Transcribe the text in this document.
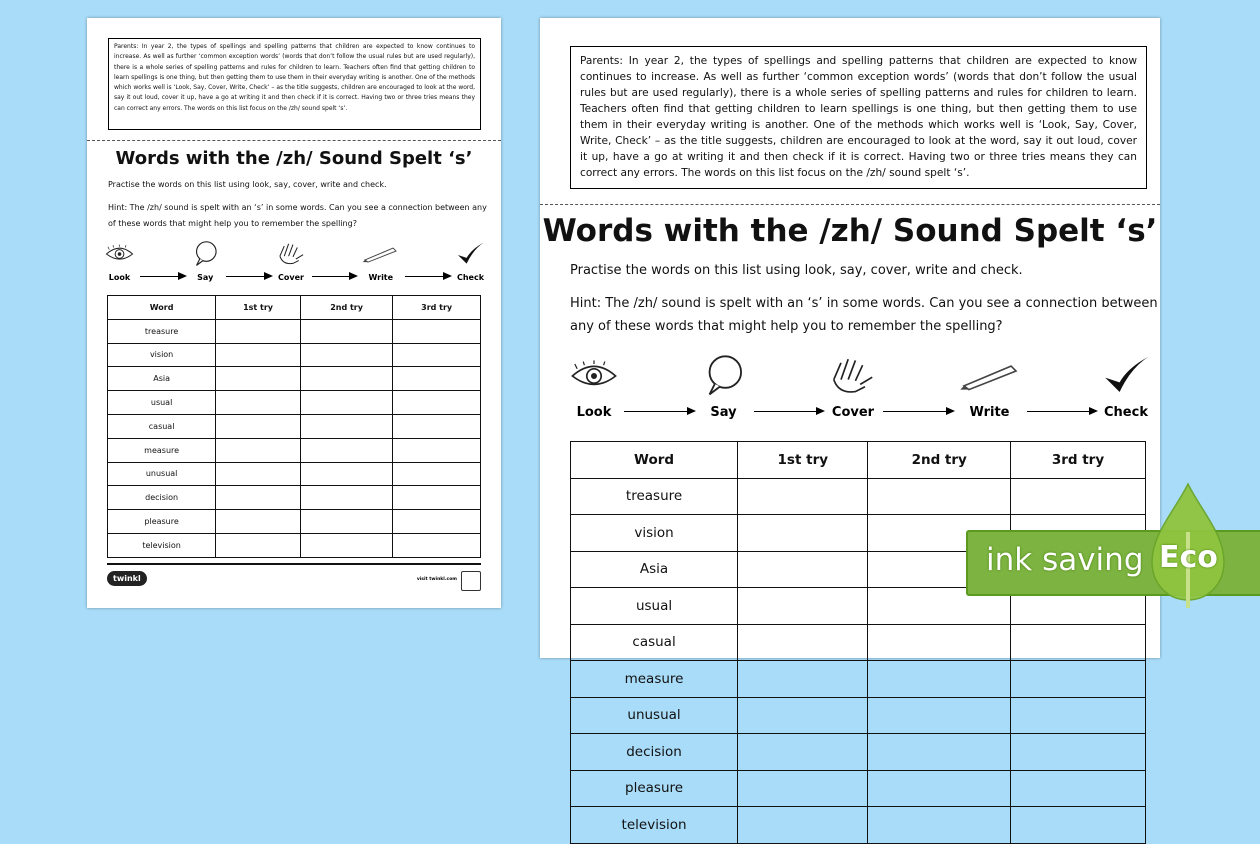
Parents: In year 2, the types of spellings and spelling patterns that children are expected to know continues to increase. As well as further ‘common exception words’ (words that don’t follow the usual rules but are used regularly), there is a whole series of spelling patterns and rules for children to learn. Teachers often find that getting children to learn spellings is one thing, but then getting them to use them in their everyday writing is another. One of the methods which works well is ‘Look, Say, Cover, Write, Check’ – as the title suggests, children are encouraged to look at the word, say it out loud, cover it up, have a go at writing it and then check if it is correct. Having two or three tries means they can correct any errors. The words on this list focus on the /zh/ sound spelt ‘s’.
Words with the /zh/ Sound Spelt ‘s’
Practise the words on this list using look, say, cover, write and check.
Hint: The /zh/ sound is spelt with an ‘s’ in some words. Can you see a connection between any of these words that might help you to remember the spelling?
Look	Say	Cover	Write	Check
Word	1st try	2nd try	3rd try
treasure			
vision			
Asia			
usual			
casual			
measure			
unusual			
decision			
pleasure			
television			
twinkl	visit twinkl.com
Parents: In year 2, the types of spellings and spelling patterns that children are expected to know continues to increase. As well as further ‘common exception words’ (words that don’t follow the usual rules but are used regularly), there is a whole series of spelling patterns and rules for children to learn. Teachers often find that getting children to learn spellings is one thing, but then getting them to use them in their everyday writing is another. One of the methods which works well is ‘Look, Say, Cover, Write, Check’ – as the title suggests, children are encouraged to look at the word, say it out loud, cover it up, have a go at writing it and then check if it is correct. Having two or three tries means they can correct any errors. The words on this list focus on the /zh/ sound spelt ‘s’.
Words with the /zh/ Sound Spelt ‘s’
Practise the words on this list using look, say, cover, write and check.
Hint: The /zh/ sound is spelt with an ‘s’ in some words. Can you see a connection between any of these words that might help you to remember the spelling?
Look	Say	Cover	Write	Check
Word	1st try	2nd try	3rd try
treasure			
vision			
Asia			
usual			
casual			
measure			
unusual			
decision			
pleasure			
television			
ink saving Eco
